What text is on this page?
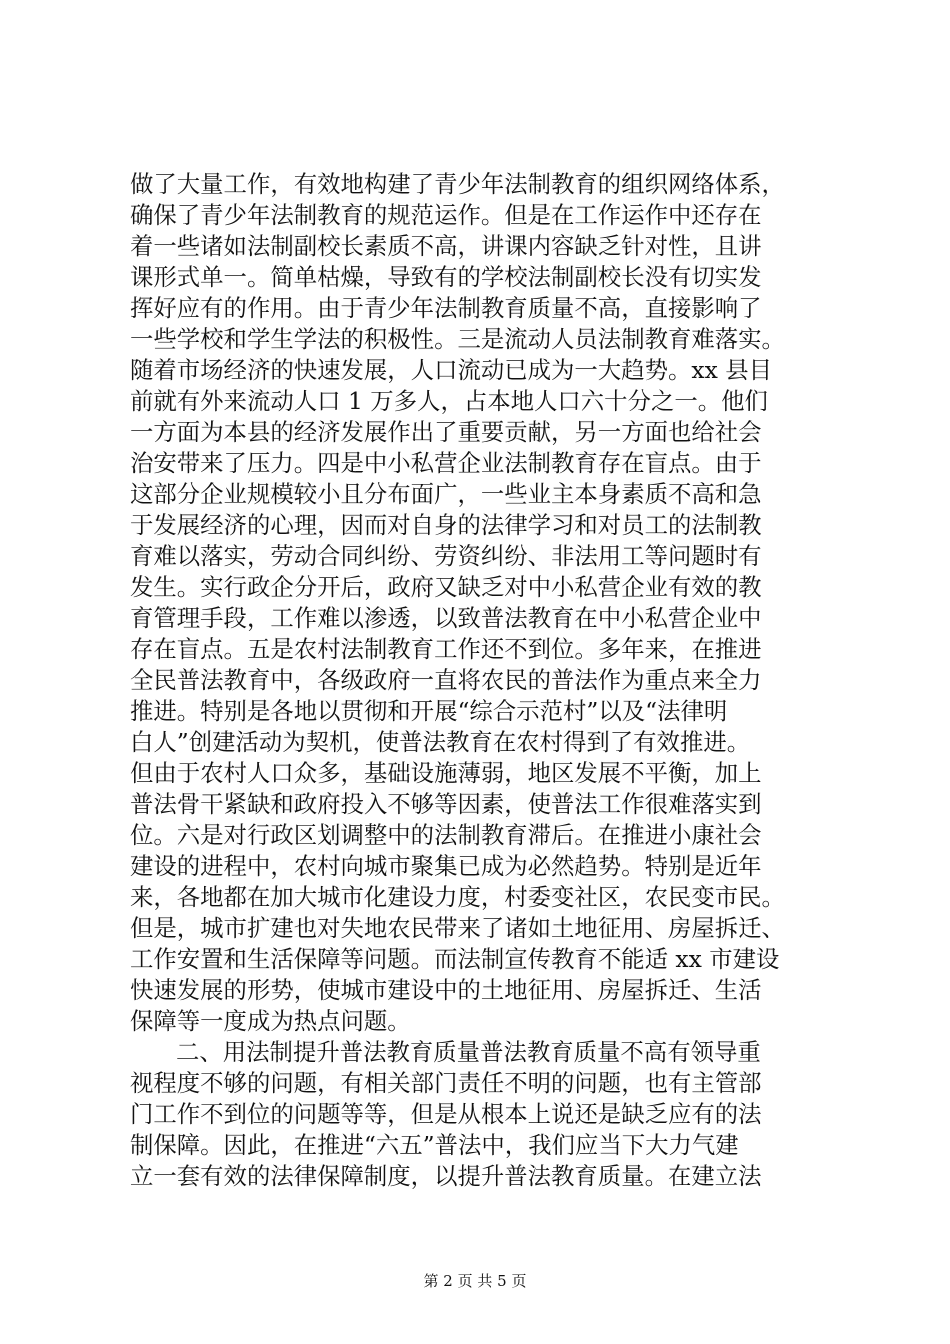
做了大量工作，有效地构建了青少年法制教育的组织网络体系，
确保了青少年法制教育的规范运作。但是在工作运作中还存在
着一些诸如法制副校长素质不高，讲课内容缺乏针对性，且讲
课形式单一。简单枯燥，导致有的学校法制副校长没有切实发
挥好应有的作用。由于青少年法制教育质量不高，直接影响了
一些学校和学生学法的积极性。三是流动人员法制教育难落实。
随着市场经济的快速发展，人口流动已成为一大趋势。xx 县目
前就有外来流动人口 1 万多人，占本地人口六十分之一。他们
一方面为本县的经济发展作出了重要贡献，另一方面也给社会
治安带来了压力。四是中小私营企业法制教育存在盲点。由于
这部分企业规模较小且分布面广，一些业主本身素质不高和急
于发展经济的心理，因而对自身的法律学习和对员工的法制教
育难以落实，劳动合同纠纷、劳资纠纷、非法用工等问题时有
发生。实行政企分开后，政府又缺乏对中小私营企业有效的教
育管理手段，工作难以渗透，以致普法教育在中小私营企业中
存在盲点。五是农村法制教育工作还不到位。多年来，在推进
全民普法教育中，各级政府一直将农民的普法作为重点来全力
推进。特别是各地以贯彻和开展“综合示范村”以及“法律明
白人”创建活动为契机，使普法教育在农村得到了有效推进。
但由于农村人口众多，基础设施薄弱，地区发展不平衡，加上
普法骨干紧缺和政府投入不够等因素，使普法工作很难落实到
位。六是对行政区划调整中的法制教育滞后。在推进小康社会
建设的进程中，农村向城市聚集已成为必然趋势。特别是近年
来，各地都在加大城市化建设力度，村委变社区，农民变市民。
但是，城市扩建也对失地农民带来了诸如土地征用、房屋拆迁、
工作安置和生活保障等问题。而法制宣传教育不能适 xx 市建设
快速发展的形势，使城市建设中的土地征用、房屋拆迁、生活
保障等一度成为热点问题。
二、用法制提升普法教育质量普法教育质量不高有领导重
视程度不够的问题，有相关部门责任不明的问题，也有主管部
门工作不到位的问题等等，但是从根本上说还是缺乏应有的法
制保障。因此，在推进“六五”普法中，我们应当下大力气建
立一套有效的法律保障制度，以提升普法教育质量。在建立法
第 2 页 共 5 页
